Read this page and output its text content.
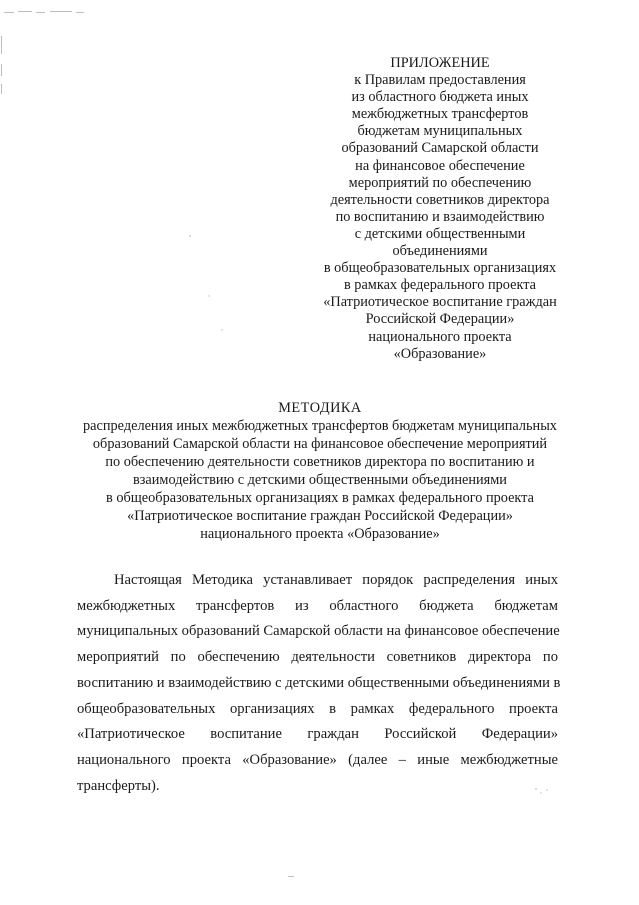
ПРИЛОЖЕНИЕ
к Правилам предоставления
из областного бюджета иных
межбюджетных трансфертов
бюджетам муниципальных
образований Самарской области
на финансовое обеспечение
мероприятий по обеспечению
деятельности советников директора
по воспитанию и взаимодействию
с детскими общественными
объединениями
в общеобразовательных организациях
в рамках федерального проекта
«Патриотическое воспитание граждан
Российской Федерации»
национального проекта
«Образование»
МЕТОДИКА
распределения иных межбюджетных трансфертов бюджетам муниципальных
образований Самарской области на финансовое обеспечение мероприятий
по обеспечению деятельности советников директора по воспитанию и
взаимодействию с детскими общественными объединениями
в общеобразовательных организациях в рамках федерального проекта
«Патриотическое воспитание граждан Российской Федерации»
национального проекта «Образование»
Настоящая Методика устанавливает порядок распределения иных
межбюджетных трансфертов из областного бюджета бюджетам
муниципальных образований Самарской области на финансовое обеспечение
мероприятий по обеспечению деятельности советников директора по
воспитанию и взаимодействию с детскими общественными объединениями в
общеобразовательных организациях в рамках федерального проекта
«Патриотическое воспитание граждан Российской Федерации»
национального проекта «Образование» (далее – иные межбюджетные
трансферты).
